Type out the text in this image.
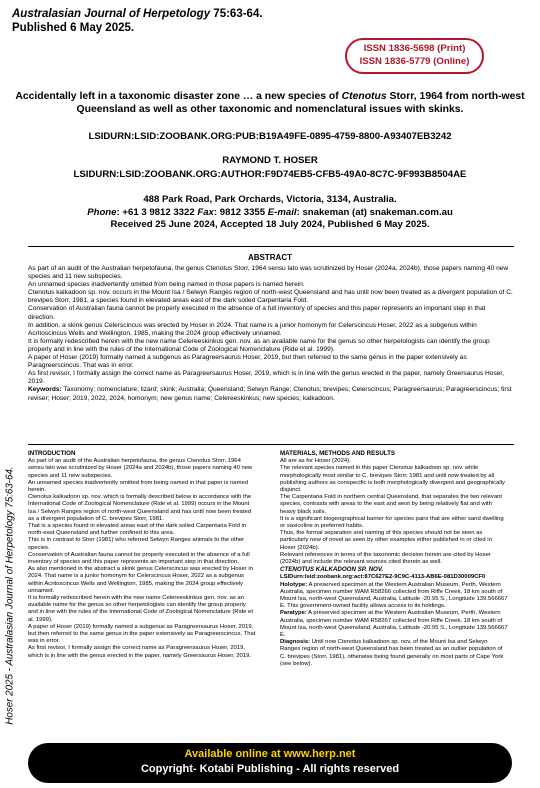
Australasian Journal of Herpetology 75:63-64.
Published 6 May 2025.
ISSN 1836-5698 (Print)
ISSN 1836-5779 (Online)
Accidentally left in a taxonomic disaster zone … a new species of Ctenotus Storr, 1964 from north-west Queensland as well as other taxonomic and nomenclatural issues with skinks.
LSIDURN:LSID:ZOOBANK.ORG:PUB:B19A49FE-0895-4759-8800-A93407EB3242
RAYMOND T. HOSER
LSIDURN:LSID:ZOOBANK.ORG:AUTHOR:F9D74EB5-CFB5-49A0-8C7C-9F993B8504AE
488 Park Road, Park Orchards, Victoria, 3134, Australia.
Phone: +61 3 9812 3322 Fax: 9812 3355 E-mail: snakeman (at) snakeman.com.au
Received 25 June 2024, Accepted 18 July 2024, Published 6 May 2025.
ABSTRACT

As part of an audit of the Australian herpetofauna, the genus Ctenotus Storr, 1964 sensu lato was scrutinized by Hoser (2024a, 2024b), those papers naming 40 new species and 11 new subspecies.

An unnamed species inadvertently omitted from being named in those papers is named herein.

Ctenotus kalkadoon sp. nov. occurs in the Mount Isa / Selwyn Ranges region of north-west Queensland and has until now been treated as a divergent population of C. brevipes Storr, 1981, a species found in elevated areas east of the dark soiled Carpentaria Fold.

Conservation of Australian fauna cannot be properly executed in the absence of a full inventory of species and this paper represents an important step in that direction.

In addition. a skink genus Celerscincus was erected by Hoser in 2024. That name is a junior homonym for Celerscincus Hoser, 2022 as a subgenus within Acritoscincus Wells and Wellington, 1985, making the 2024 group effectively unnamed.

It is formally redescribed herein with the new name Celereeskinkus gen. nov. as an available name for the genus so other herpetologists can identify the group properly and in line with the rules of the International Code of Zoological Nomenclature (Ride et al. 1999).

A paper of Hoser (2019) formally named a subgenus as Paragreersaurus Hoser, 2019, but then referred to the same genus in the paper extensively as Paragreerscincus. That was in error.

As first revisor, I formally assign the correct name as Paragreersaurus Hoser, 2019, which is in line with the genus erected in the paper, namely Greersaurus Hoser, 2019.

Keywords: Taxonomy; nomenclature; lizard; skink; Australia; Queensland; Selwyn Range; Ctenotus; brevipes; Celerscincus; Paragreersaurus; Paragreerscincus; first reviser; Hoser; 2019, 2022, 2024, homonym; new genus name; Celereeskinkus; new species; kalkadoon.

Hoser 2025 - Australasian Journal of Herpetology 75:63-64.

INTRODUCTION

As part of an audit of the Australian herpetofauna, the genus Ctenotus Storr, 1964 sensu lato was scrutinized by Hoser (2024a and 2024b), those papers naming 40 new species and 11 new subspecies.

An unnamed species inadvertently omitted from being named in that paper is named herein.

Ctenotus kalkadoon sp. nov. which is formally described below in accordance with the International Code of Zoological Nomenclature (Ride et al. 1999) occurs in the Mount Isa / Selwyn Ranges region of north-west Queensland and has until now been treated as a divergent population of C. brevipes Storr, 1981.

That is a species found in elevated areas east of the dark soiled Carpentaria Fold in north-east Queensland and further confined to this area.

This is in contrast to Storr (1981) who referred Selwyn Ranges animals to the other species.

Conservation of Australian fauna cannot be properly executed in the absence of a full inventory of species and this paper represents an important step in that direction.

As also mentioned in the abstract a skink genus Celerscincus was erected by Hoser in 2024. That name is a junior homonym for Celerscincus Hoser, 2022 as a subgenus within Acritoscincus Wells and Wellington, 1985, making the 2024 group effectively unnamed.

It is formally redescribed herein with the new name Celereeskinkus gen. nov. as an available name for the genus so other herpetologists can identify the group properly and in line with the rules of the International Code of Zoological Nomenclature (Ride et al. 1999).

A paper of Hoser (2019) formally named a subgenus as Paragreersaurus Hoser, 2019, but then referred to the same genus in the paper extensively as Paragreerscincus. That was in error.

As first revisor, I formally assign the correct name as Paragreersaurus Hoser, 2019, which is in line with the genus erected in the paper, namely Greersaurus Hoser, 2019.

MATERIALS, METHODS AND RESULTS

All are as for Hoser (2024).

The relevant species named in this paper Ctenotus kalkadoon sp. nov. while morphologically most similar to C. brevipes Storr, 1981 and until now treated by all publishing authors as conspecific is both morphologically divergent and geographically disjunct.

The Carpentaria Fold in northern central Queensland, that separates the two relevant species, contrasts with areas to the east and west by being relatively flat and with heavy black soils.

It is a significant biogeographical barrier for species pairs that are either sand dwelling or saxicoline in preferred habits.

Thus, the formal separation and naming of this species should not be seen as particularly new of novel as seen by other examples either published in or cited in Hoser (2024b).

Relevant references in terms of the taxonomic decision herein are cited by Hoser (2024b) and include the relevant sources cited therein as well.

CTENOTUS KALKADOON SP. NOV.

LSIDurn:lsid:zoobank.org:act:87C627E2-9C9C-4113-AB6E-081D30009CF0

Holotype: A preserved specimen at the Western Australian Museum, Perth, Western Australia, specimen number WAM R58266 collected from Riffe Creek, 18 km south of Mount Isa, north-west Queensland, Australia, Latitude -20.95 S., Longitude 139.566667 E. This government-owned facility allows access to its holdings.

Paratype: A preserved specimen at the Western Australian Museum, Perth, Western Australia, specimen number WAM R58267 collected from Riffe Creek, 18 km south of Mount Isa, north-west Queensland, Australia, Latitude -20.95 S., Longitude 139.566667 E.

Diagnosis: Until now Ctenotus kalkadoon sp. nov. of the Mount Isa and Selwyn Ranges region of north-west Queensland has been treated as an outlier population of C. brevipes (Storr, 1981), otherwise being found generally on most parts of Cape York (see below).

Available online at www.herp.net
Copyright- Kotabi Publishing - All rights reserved
